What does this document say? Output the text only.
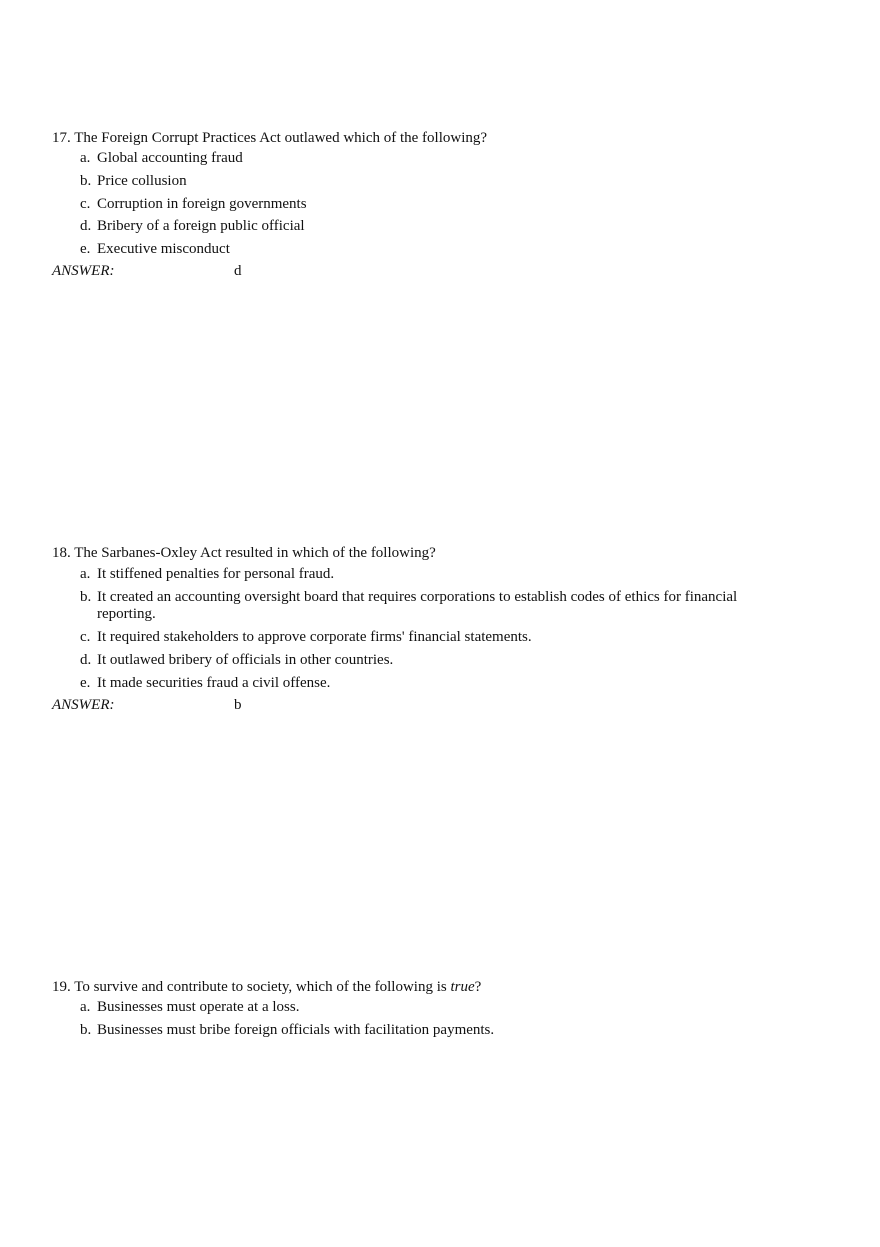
17. The Foreign Corrupt Practices Act outlawed which of the following?
a. Global accounting fraud
b. Price collusion
c. Corruption in foreign governments
d. Bribery of a foreign public official
e. Executive misconduct
ANSWER:	d
18. The Sarbanes-Oxley Act resulted in which of the following?
a. It stiffened penalties for personal fraud.
b. It created an accounting oversight board that requires corporations to establish codes of ethics for financial
reporting.
c. It required stakeholders to approve corporate firms' financial statements.
d. It outlawed bribery of officials in other countries.
e. It made securities fraud a civil offense.
ANSWER:	b
19. To survive and contribute to society, which of the following is true?
a. Businesses must operate at a loss.
b. Businesses must bribe foreign officials with facilitation payments.
